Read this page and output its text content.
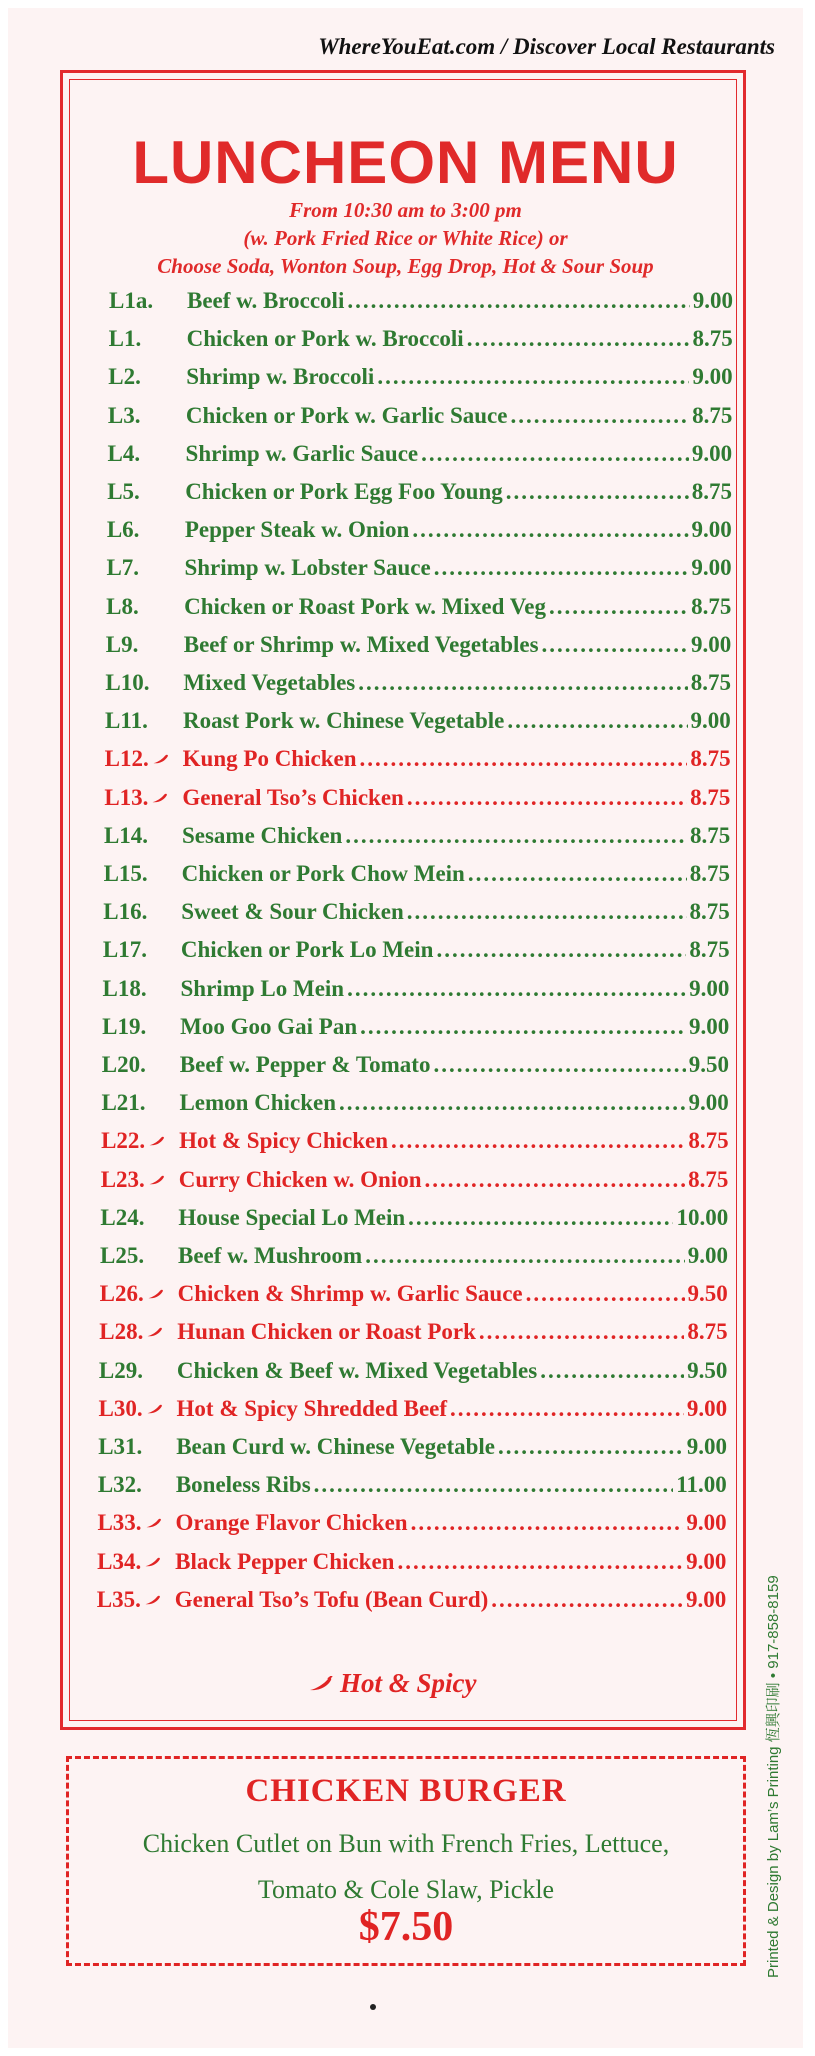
WhereYouEat.com / Discover Local Restaurants
LUNCHEON MENU
From 10:30 am to 3:00 pm
(w. Pork Fried Rice or White Rice) or
Choose Soda, Wonton Soup, Egg Drop, Hot & Sour Soup
L1a. Beef w. Broccoli .....	9.00
L1. Chicken or Pork w. Broccoli .....	8.75
L2. Shrimp w. Broccoli .....	9.00
L3. Chicken or Pork w. Garlic Sauce .....	8.75
L4. Shrimp w. Garlic Sauce .....	9.00
L5. Chicken or Pork Egg Foo Young .....	8.75
L6. Pepper Steak w. Onion .....	9.00
L7. Shrimp w. Lobster Sauce .....	9.00
L8. Chicken or Roast Pork w. Mixed Veg .....	8.75
L9. Beef or Shrimp w. Mixed Vegetables .....	9.00
L10. Mixed Vegetables .....	8.75
L11. Roast Pork w. Chinese Vegetable .....	9.00
L12. Kung Po Chicken .....	8.75
L13. General Tso’s Chicken .....	8.75
L14. Sesame Chicken .....	8.75
L15. Chicken or Pork Chow Mein .....	8.75
L16. Sweet & Sour Chicken .....	8.75
L17. Chicken or Pork Lo Mein .....	8.75
L18. Shrimp Lo Mein .....	9.00
L19. Moo Goo Gai Pan .....	9.00
L20. Beef w. Pepper & Tomato .....	9.50
L21. Lemon Chicken .....	9.00
L22. Hot & Spicy Chicken .....	8.75
L23. Curry Chicken w. Onion .....	8.75
L24. House Special Lo Mein .....	10.00
L25. Beef w. Mushroom .....	9.00
L26. Chicken & Shrimp w. Garlic Sauce .....	9.50
L28. Hunan Chicken or Roast Pork .....	8.75
L29. Chicken & Beef w. Mixed Vegetables .....	9.50
L30. Hot & Spicy Shredded Beef .....	9.00
L31. Bean Curd w. Chinese Vegetable .....	9.00
L32. Boneless Ribs .....	11.00
L33. Orange Flavor Chicken .....	9.00
L34. Black Pepper Chicken .....	9.00
L35. General Tso’s Tofu (Bean Curd) .....	9.00
Hot & Spicy
CHICKEN BURGER
Chicken Cutlet on Bun with French Fries, Lettuce,
Tomato & Cole Slaw, Pickle
$7.50	Printed & Design by Lam’s Printing 恆興印刷 • 917-858-8159
